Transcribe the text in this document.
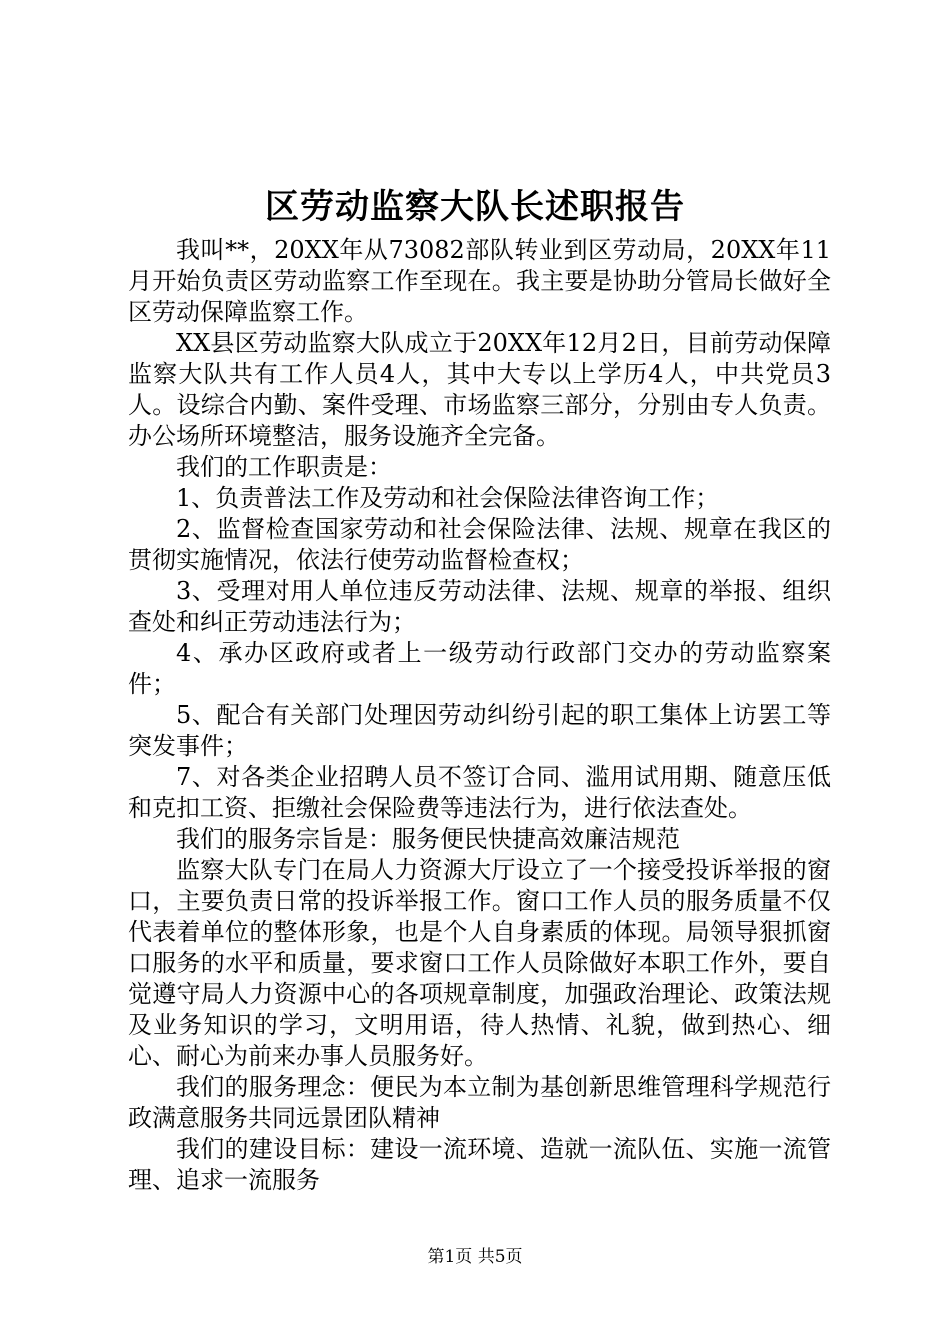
区劳动监察大队长述职报告

我叫**，20XX年从73082部队转业到区劳动局，20XX年11月开始负责区劳动监察工作至现在。我主要是协助分管局长做好全区劳动保障监察工作。

XX县区劳动监察大队成立于20XX年12月2日，目前劳动保障监察大队共有工作人员4人，其中大专以上学历4人，中共党员3人。设综合内勤、案件受理、市场监察三部分，分别由专人负责。办公场所环境整洁，服务设施齐全完备。

我们的工作职责是：

1、负责普法工作及劳动和社会保险法律咨询工作；

2、监督检查国家劳动和社会保险法律、法规、规章在我区的贯彻实施情况，依法行使劳动监督检查权；

3、受理对用人单位违反劳动法律、法规、规章的举报、组织查处和纠正劳动违法行为；

4、承办区政府或者上一级劳动行政部门交办的劳动监察案件；

5、配合有关部门处理因劳动纠纷引起的职工集体上访罢工等突发事件；

7、对各类企业招聘人员不签订合同、滥用试用期、随意压低和克扣工资、拒缴社会保险费等违法行为，进行依法查处。

我们的服务宗旨是：服务便民快捷高效廉洁规范

监察大队专门在局人力资源大厅设立了一个接受投诉举报的窗口，主要负责日常的投诉举报工作。窗口工作人员的服务质量不仅代表着单位的整体形象，也是个人自身素质的体现。局领导狠抓窗口服务的水平和质量，要求窗口工作人员除做好本职工作外，要自觉遵守局人力资源中心的各项规章制度，加强政治理论、政策法规及业务知识的学习，文明用语，待人热情、礼貌，做到热心、细心、耐心为前来办事人员服务好。

我们的服务理念：便民为本立制为基创新思维管理科学规范行政满意服务共同远景团队精神

我们的建设目标：建设一流环境、造就一流队伍、实施一流管理、追求一流服务

第1页 共5页
